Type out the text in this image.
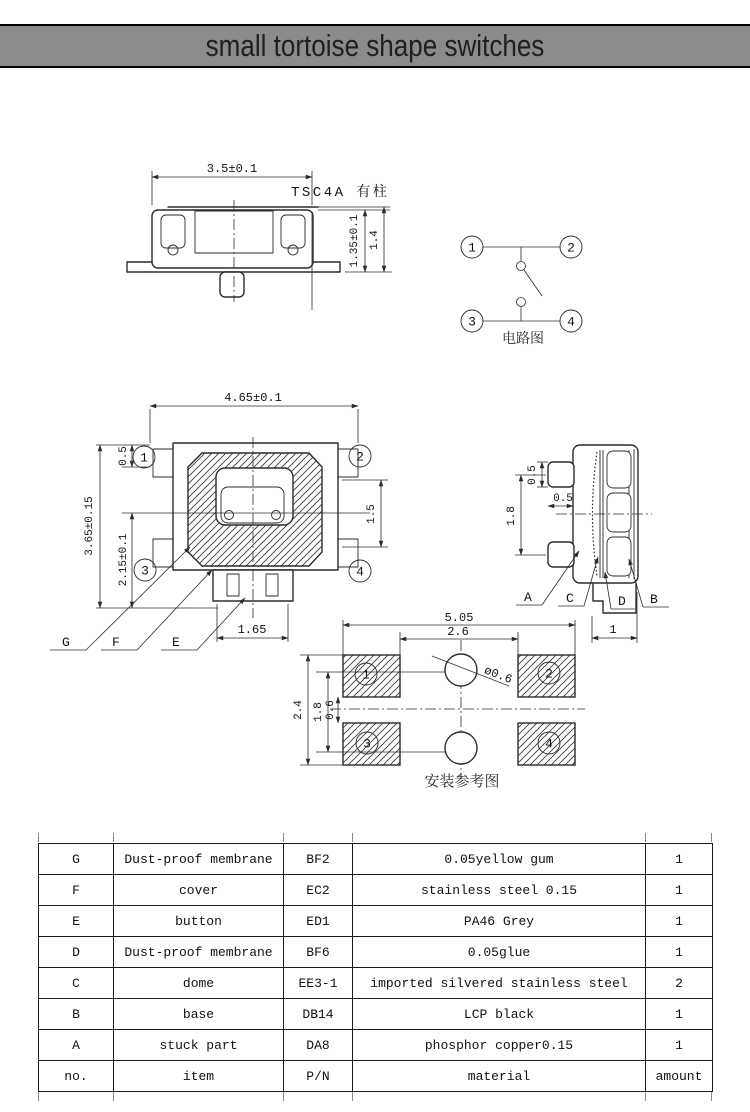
3.5±0.1
TSC4A 有柱
1.35±0.1 1.4	1	2
3	4
电路图
4.65±0.1
3.65±0.15
0.5
2.15±0.1
1.5
1.65
1	2
3	4
G	F	E
0.5
0.5
1.8
1
A	C	D B
1	2
3	4
5.05
2.6
2.4 1.8 0.6
ø0.6
安装参考图
small tortoise shape switches
G	Dust-proof membrane	BF2	0.05yellow gum	1
F	cover	EC2	stainless steel 0.15	1
E	button	ED1	PA46 Grey	1
D	Dust-proof membrane	BF6	0.05glue	1
C	dome	EE3-1	imported silvered stainless steel	2
B	base	DB14	LCP black	1
A	stuck part	DA8	phosphor copper0.15	1
no.	item	P/N	material	amount
